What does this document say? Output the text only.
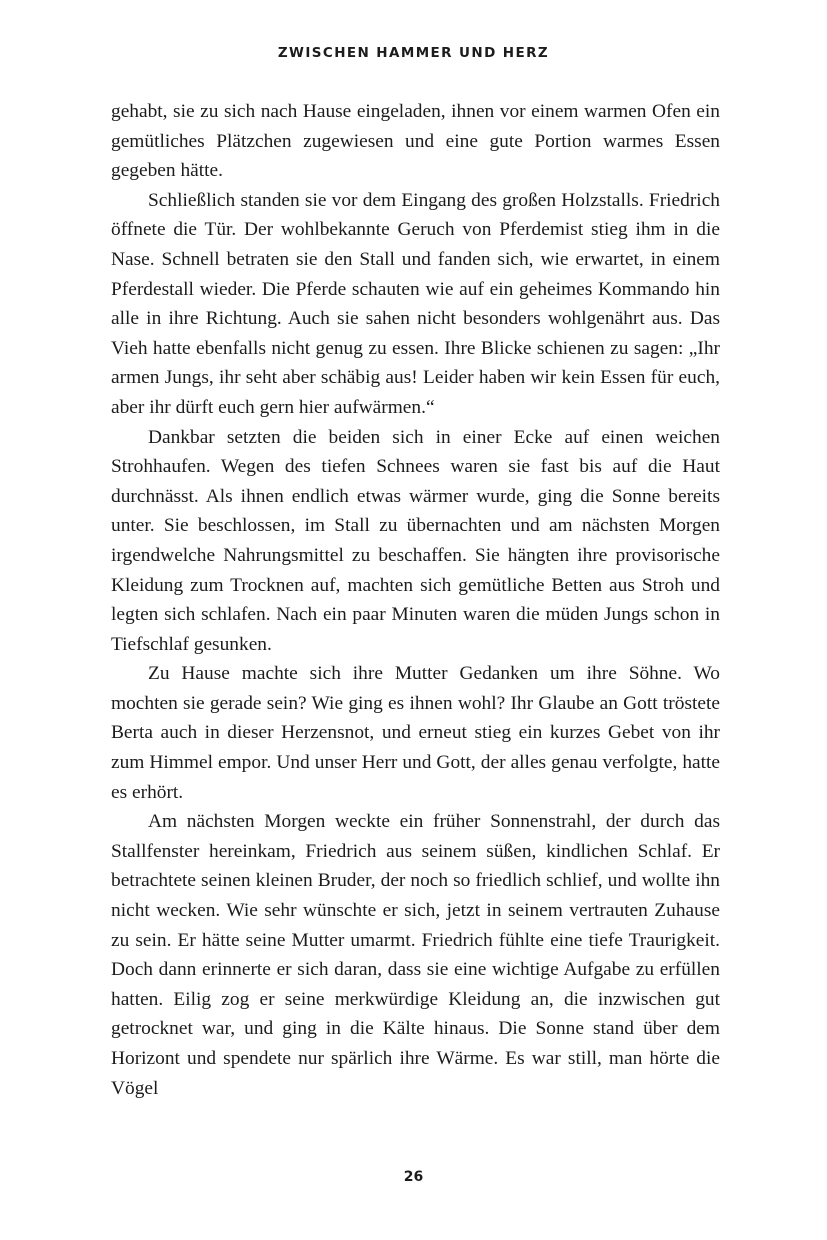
ZWISCHEN HAMMER UND HERZ

gehabt, sie zu sich nach Hause eingeladen, ihnen vor einem warmen Ofen ein gemütliches Plätzchen zugewiesen und eine gute Portion warmes Essen gegeben hätte.

Schließlich standen sie vor dem Eingang des großen Holzstalls. Friedrich öffnete die Tür. Der wohlbekannte Geruch von Pferdemist stieg ihm in die Nase. Schnell betraten sie den Stall und fanden sich, wie erwartet, in einem Pferdestall wieder. Die Pferde schauten wie auf ein geheimes Kommando hin alle in ihre Richtung. Auch sie sahen nicht besonders wohlgenährt aus. Das Vieh hatte ebenfalls nicht genug zu essen. Ihre Blicke schienen zu sagen: „Ihr armen Jungs, ihr seht aber schäbig aus! Leider haben wir kein Essen für euch, aber ihr dürft euch gern hier aufwärmen.“

Dankbar setzten die beiden sich in einer Ecke auf einen weichen Strohhaufen. Wegen des tiefen Schnees waren sie fast bis auf die Haut durchnässt. Als ihnen endlich etwas wärmer wurde, ging die Sonne bereits unter. Sie beschlossen, im Stall zu übernachten und am nächsten Morgen irgendwelche Nahrungsmittel zu beschaffen. Sie hängten ihre provisorische Kleidung zum Trocknen auf, machten sich gemütliche Betten aus Stroh und legten sich schlafen. Nach ein paar Minuten waren die müden Jungs schon in Tiefschlaf gesunken.

Zu Hause machte sich ihre Mutter Gedanken um ihre Söhne. Wo mochten sie gerade sein? Wie ging es ihnen wohl? Ihr Glaube an Gott tröstete Berta auch in dieser Herzensnot, und erneut stieg ein kurzes Gebet von ihr zum Himmel empor. Und unser Herr und Gott, der alles genau verfolgte, hatte es erhört.

Am nächsten Morgen weckte ein früher Sonnenstrahl, der durch das Stallfenster hereinkam, Friedrich aus seinem süßen, kindlichen Schlaf. Er betrachtete seinen kleinen Bruder, der noch so friedlich schlief, und wollte ihn nicht wecken. Wie sehr wünschte er sich, jetzt in seinem vertrauten Zuhause zu sein. Er hätte seine Mutter umarmt. Friedrich fühlte eine tiefe Traurigkeit. Doch dann erinnerte er sich daran, dass sie eine wichtige Aufgabe zu erfüllen hatten. Eilig zog er seine merkwürdige Kleidung an, die inzwischen gut getrocknet war, und ging in die Kälte hinaus. Die Sonne stand über dem Horizont und spendete nur spärlich ihre Wärme. Es war still, man hörte die Vögel

26
